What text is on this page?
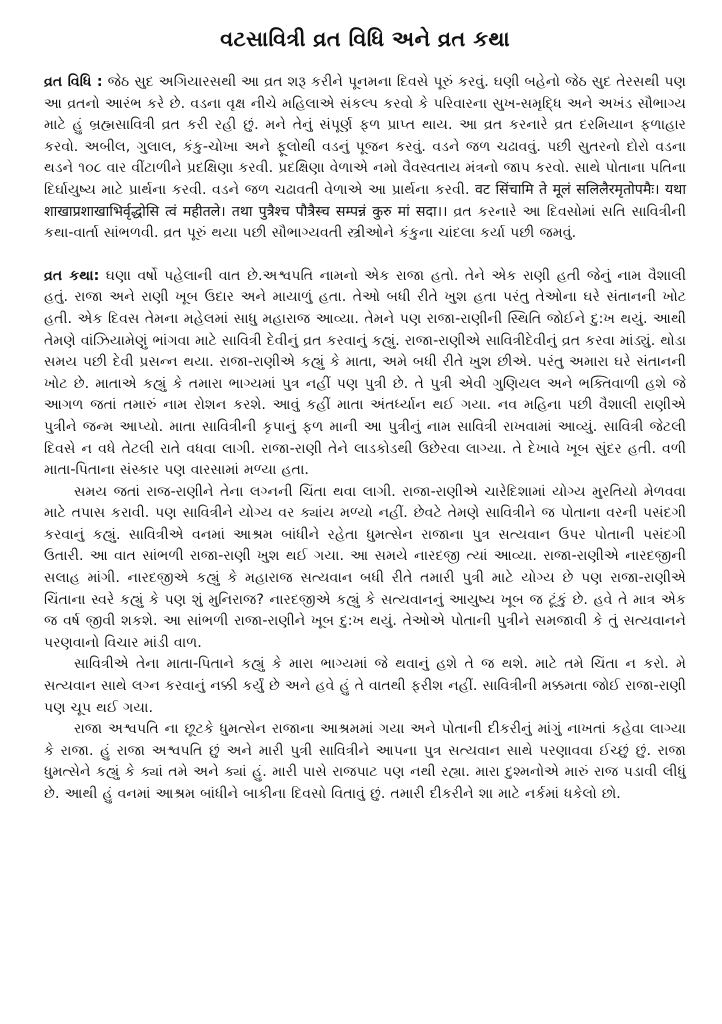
વટસાવિત્રી વ્રત વિધિ અને વ્રત કથા

વ્રત વિધિ : જેઠ સુદ અગિયારસથી આ વ્રત શરૂ કરીને પૂનમના દિવસે પૂરું કરવું. ઘણી બહેનો જેઠ સુદ તેરસથી પણ આ વ્રતનો આરંભ કરે છે. વડના વૃક્ષ નીચે મહિલાએ સંકલ્પ કરવો કે પરિવારના સુખ-સમૃદ્ધિ અને અખંડ સૌભાગ્ય માટે હું બ્રહ્મસાવિત્રી વ્રત કરી રહી છું. મને તેનું સંપૂર્ણ ફળ પ્રાપ્ત થાય. આ વ્રત કરનારે વ્રત દરમિયાન ફળાહાર કરવો. અબીલ, ગુલાલ, કંકુ-ચોખા અને ફૂલોથી વડનું પૂજન કરવું. વડને જળ ચઢાવવું. પછી સુતરનો દોરો વડના થડને ૧૦૮ વાર વીંટાળીને પ્રદક્ષિણા કરવી. પ્રદક્ષિણા વેળાએ નમો વૈવસ્વતાય મંત્રનો જાપ કરવો. સાથે પોતાના પતિના દિર્ઘાયુષ્ય માટે પ્રાર્થના કરવી. વડને જળ ચઢાવતી વેળાએ આ પ્રાર્થના કરવી. वट सिंचामि ते मूलं सलिलैरमृतोपमैः। यथा शाखाप्रशाखाभिर्वृद्धोसि त्वं महीतले। तथा पुत्रैश्च पौत्रैस्च सम्पन्नं कुरु मां सदा।। વ્રત કરનારે આ દિવસોમાં સતિ સાવિત્રીની કથા-વાર્તા સાંભળવી. વ્રત પૂરું થયા પછી સૌભાગ્યવતી સ્ત્રીઓને કંકુના ચાંદલા કર્યા પછી જમવું.

વ્રત કથા: ઘણા વર્ષો પહેલાની વાત છે.અશ્વપતિ નામનો એક રાજા હતો. તેને એક રાણી હતી જેનું નામ વૈશાલી હતું. રાજા અને રાણી ખૂબ ઉદાર અને માયાળું હતા. તેઓ બધી રીતે ખુશ હતા પરંતુ તેઓના ઘરે સંતાનની ખોટ હતી. એક દિવસ તેમના મહેલમાં સાધુ મહારાજ આવ્યા. તેમને પણ રાજા-રાણીની સ્થિતિ જોઈને દુ:ખ થયું. આથી તેમણે વાંઝિયામેણું ભાંગવા માટે સાવિત્રી દેવીનું વ્રત કરવાનું કહ્યું. રાજા-રાણીએ સાવિત્રીદેવીનું વ્રત કરવા માંડ્યું. થોડા સમય પછી દેવી પ્રસન્ન થયા. રાજા-રાણીએ કહ્યું કે માતા, અમે બધી રીતે ખુશ છીએ. પરંતુ અમારા ઘરે સંતાનની ખોટ છે. માતાએ કહ્યું કે તમારા ભાગ્યમાં પુત્ર નહીં પણ પુત્રી છે. તે પુત્રી એવી ગુણિયલ અને ભક્તિવાળી હશે જે આગળ જતાં તમારું નામ રોશન કરશે. આવું કહીં માતા અંતર્ધ્યાન થઈ ગયા. નવ મહિના પછી વૈશાલી રાણીએ પુત્રીને જન્મ આપ્યો. માતા સાવિત્રીની કૃપાનું ફળ માની આ પુત્રીનું નામ સાવિત્રી રાખવામાં આવ્યું. સાવિત્રી જેટલી દિવસે ન વધે તેટલી રાતે વધવા લાગી. રાજા-રાણી તેને લાડકોડથી ઉછેરવા લાગ્યા. તે દેખાવે ખૂબ સુંદર હતી. વળી માતા-પિતાના સંસ્કાર પણ વારસામાં મળ્યા હતા.

સમય જતાં રાજ-રાણીને તેના લગ્નની ચિંતા થવા લાગી. રાજા-રાણીએ ચારેદિશામાં યોગ્ય મુરતિયો મેળવવા માટે તપાસ કરાવી. પણ સાવિત્રીને યોગ્ય વર ક્યાંય મળ્યો નહીં. છેવટે તેમણે સાવિત્રીને જ પોતાના વરની પસંદગી કરવાનું કહ્યું. સાવિત્રીએ વનમાં આશ્રમ બાંધીને રહેતા ધુમત્સેન રાજાના પુત્ર સત્યવાન ઉપર પોતાની પસંદગી ઉતારી. આ વાત સાંભળી રાજા-રાણી ખુશ થઈ ગયા. આ સમયે નારદજી ત્યાં આવ્યા. રાજા-રાણીએ નારદજીની સલાહ માંગી. નારદજીએ કહ્યું કે મહારાજ સત્યવાન બધી રીતે તમારી પુત્રી માટે યોગ્ય છે પણ રાજા-રાણીએ ચિંતાના સ્વરે કહ્યું કે પણ શું મુનિરાજ? નારદજીએ કહ્યું કે સત્યવાનનું આયુષ્ય ખૂબ જ ટૂંકું છે. હવે તે માત્ર એક જ વર્ષ જીવી શકશે. આ સાંભળી રાજા-રાણીને ખૂબ દુ:ખ થયું. તેઓએ પોતાની પુત્રીને સમજાવી કે તું સત્યવાનને પરણવાનો વિચાર માંડી વાળ.

સાવિત્રીએ તેના માતા-પિતાને કહ્યું કે મારા ભાગ્યમાં જે થવાનું હશે તે જ થશે. માટે તમે ચિંતા ન કરો. મે સત્યવાન સાથે લગ્ન કરવાનું નક્કી કર્યું છે અને હવે હું તે વાતથી ફરીશ નહીં. સાવિત્રીની મક્કમતા જોઈ રાજા-રાણી પણ ચૂપ થઈ ગયા.

રાજા અશ્વપતિ ના છૂટકે ધુમત્સેન રાજાના આશ્રમમાં ગયા અને પોતાની દીકરીનું માંગું નાખતાં કહેવા લાગ્યા કે રાજા. હું રાજા અશ્વપતિ છું અને મારી પુત્રી સાવિત્રીને આપના પુત્ર સત્યવાન સાથે પરણાવવા ઈચ્છું છું. રાજા ધુમત્સેને કહ્યું કે ક્યાં તમે અને ક્યાં હું. મારી પાસે રાજપાટ પણ નથી રહ્યા. મારા દુશ્મનોએ મારું રાજ પડાવી લીધું છે. આથી હું વનમાં આશ્રમ બાંધીને બાકીના દિવસો વિતાવું છું. તમારી દીકરીને શા માટે નર્કમાં ધકેલો છો.
